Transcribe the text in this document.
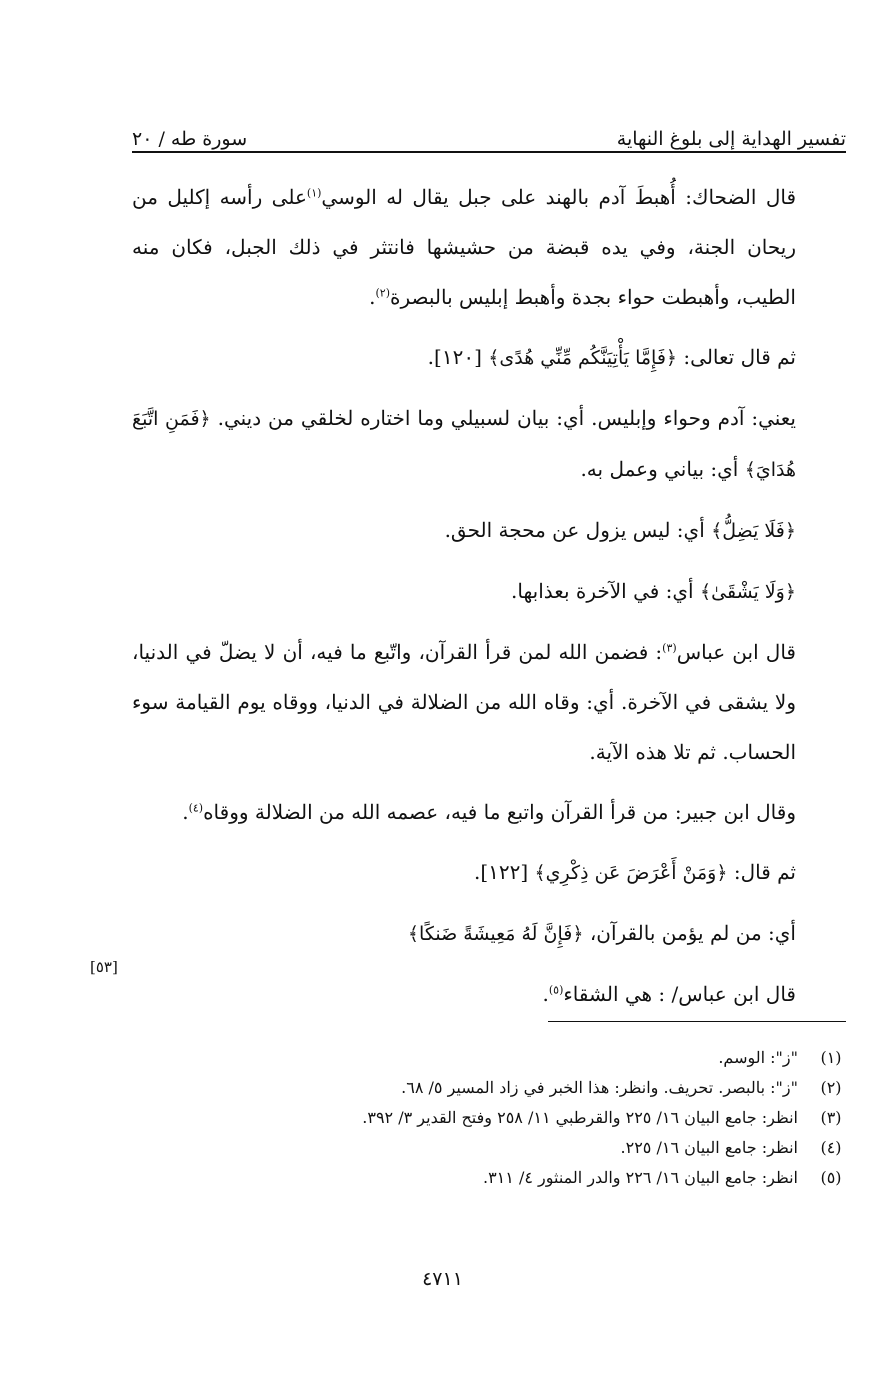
تفسير الهداية إلى بلوغ النهاية
سورة طه / ٢٠

قال الضحاك: أُهبطَ آدم بالهند على جبل يقال له الوسي$^{(١)}$على رأسه إكليل من ريحان الجنة، وفي يده قبضة من حشيشها فانتثر في ذلك الجبل، فكان منه الطيب، وأهبطت حواء بجدة وأهبط إبليس بالبصرة$^{(٢)}$.

ثم قال تعالى: ﴿فَإِمَّا يَأْتِيَنَّكُم مِّنِّي هُدًى﴾ [١٢٠].

يعني: آدم وحواء وإبليس. أي: بيان لسبيلي وما اختاره لخلقي من ديني. ﴿فَمَنِ اتَّبَعَ هُدَايَ﴾ أي: بياني وعمل به.

﴿فَلَا يَضِلُّ﴾ أي: ليس يزول عن محجة الحق.

﴿وَلَا يَشْقَىٰ﴾ أي: في الآخرة بعذابها.

قال ابن عباس$^{(٣)}$: فضمن الله لمن قرأ القرآن، واتّبع ما فيه، أن لا يضلّ في الدنيا، ولا يشقى في الآخرة. أي: وقاه الله من الضلالة في الدنيا، ووقاه يوم القيامة سوء الحساب. ثم تلا هذه الآية.

وقال ابن جبير: من قرأ القرآن واتبع ما فيه، عصمه الله من الضلالة ووقاه$^{(٤)}$.

ثم قال: ﴿وَمَنْ أَعْرَضَ عَن ذِكْرِي﴾ [١٢٢].

أي: من لم يؤمن بالقرآن، ﴿فَإِنَّ لَهُ مَعِيشَةً ضَنكًا﴾

قال ابن عباس/ : هي الشقاء$^{(٥)}$.

[٥٣]
(١)
"ز": الوسم.
(٢)
"ز": بالبصر. تحريف. وانظر: هذا الخبر في زاد المسير ٥/ ٦٨.
(٣)
انظر: جامع البيان ١٦/ ٢٢٥ والقرطبي ١١/ ٢٥٨ وفتح القدير ٣/ ٣٩٢.
(٤)
انظر: جامع البيان ١٦/ ٢٢٥.
(٥)
انظر: جامع البيان ١٦/ ٢٢٦ والدر المنثور ٤/ ٣١١.
٤٧١١
